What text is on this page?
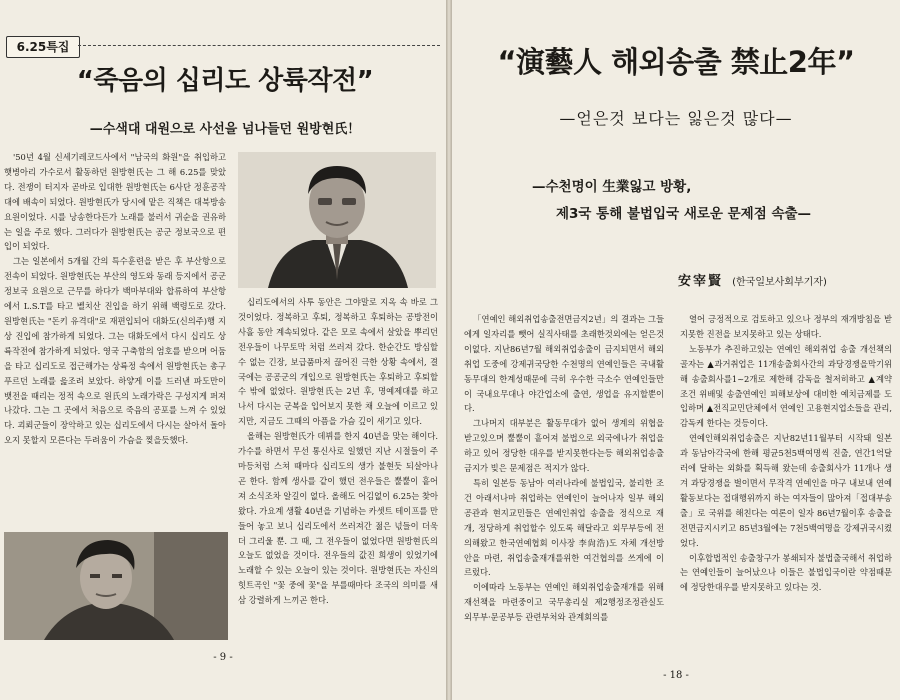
6.25특집
“죽음의 십리도 상륙작전”
—수색대 대원으로 사선을 넘나들던 원방현氏！

'50년 4월 신세기레코드사에서 "남국의 화원"을 취입하고 햇병아리 가수로서 활동하던 원방현氏는 그 해 6.25를 맞았다. 전쟁이 터지자 곧바로 입대한 원방현氏는 6사단 정훈공작대에 배속이 되었다. 원방현氏가 당시에 맡은 직책은 대북방송 요원이었다. 시를 낭송한다든가 노래를 불러서 귀순을 권유하는 일을 주로 했다. 그러다가 원방현氏는 공군 정보국으로 편입이 되었다.

그는 일본에서 5개월 간의 특수훈련을 받은 후 부산항으로 전속이 되었다. 원방현氏는 부산의 영도와 동래 등지에서 공군 정보국 요원으로 근무를 하다가 백마부대와 합류하여 부산항에서 L.S.T를 타고 벨치산 진입을 하기 위해 백령도로 갔다. 원방현氏는 "돈키 유격대"로 재편입되어 대화도(신의주)행 지상 진입에 참가하게 되었다. 그는 대화도에서 다시 십리도 상륙작전에 참가하게 되었다. 영국 구축함의 엄호를 받으며 어둠을 타고 십리도로 접근해가는 상륙정 속에서 원방현氏는 총구 푸르던 노래를 읊조려 보았다. 하얗게 이를 드러낸 파도만이 뱃전을 때리는 정적 속으로 원氏의 노래가락은 구성지게 퍼져나갔다. 그는 그 곳에서 처음으로 죽음의 공포를 느껴 수 있었다. 괴뢰군들이 장악하고 있는 십리도에서 다시는 살아서 돌아오지 못할지 모른다는 두려움이 가슴을 찢을듯했다.

십리도에서의 사투 동안은 그야말로 지옥 속 바로 그것이었다. 정복하고 후퇴, 정복하고 후퇴하는 공방전이 사흘 동안 계속되었다. 같은 모로 속에서 살았을 뿌리던 전우들이 나무토막 처럼 쓰러져 갔다. 한순간도 방심할 수 없는 긴장, 보급품마저 끊어진 극한 상황 속에서, 결국에는 공공군의 개입으로 원방현氏는 후퇴하고 후퇴할 수 밖에 없었다. 원방현氏는 2년 후, 명예제대를 하고 나서 다시는 군복을 입어보지 못한 채 오늘에 이르고 있지만, 지금도 그때의 아픔을 가슴 깊이 새기고 있다.

올해는 원방현氏가 데뷔를 한지 40년을 맞는 해이다. 가수를 하면서 무선 통신사로 일했던 지난 시절들이 주마등처럼 스쳐 때마다 십리도의 생가 불현듯 되살아나곤 한다. 함께 생사를 같이 했던 전우들은 뿔뿔이 흩어져 소식조차 알길이 없다. 올해도 어김없이 6.25는 찾아왔다. 가요계 생활 40년을 기념하는 카셋트 테이프를 만들어 놓고 보니 십리도에서 쓰러져간 젊은 넋들이 더욱 더 그리울 뿐. 그 때, 그 전우들이 없었다면 원방현氏의 오늘도 없었을 것이다. 전우들의 값진 희생이 있었기에 노래할 수 있는 오늘이 있는 것이다. 원방현氏는 자신의 힛트곡인 "꽃 중에 꽃"을 부를때마다 조국의 의미를 새삼 강렬하게 느끼곤 한다.

- 9 -
“演藝人 해외송출 禁止2年”
—얻은것 보다는 잃은것 많다—
—수천명이 生業잃고 방황,
제3국 통해 불법입국 새로운 문제점 속출—
安宰賢 (한국일보사회부기자)

「연예인 해외취업송출전면금지2년」의 결과는 그들에게 일자리를 뺏어 실직사태를 초래한것외에는 얻은것이없다. 지난86년7월 해외취업송출이 금지되면서 해외취업 도중에 강제귀국당한 수천명의 연예인들은 국내활동무대의 한계성때문에 극히 우수한 극소수 연예인들만이 국내요무대나 야간업소에 출연, 생업을 유지할뿐이다.

그나머지 대부분은 활동무대가 없어 생계의 위협을 받고있으며 뿔뿔이 흩어져 불법으로 외국에나가 취업을하고 있어 정당한 대우를 받지못한다는등 해외취업송출금지가 빚은 문제점은 적지가 않다.

특히 일본등 동남아 여러나라에 불법입국, 불리한 조건 아래서나마 취업하는 연예인이 늘어나자 일부 해외공관과 현지교민들은 연예인취업 송출을 정식으로 재개, 정당하게 취업할수 있도록 해달라고 외무부등에 전의해왔고 한국연예협회 이사장 李尙浩)도 자체 개선방안을 마련, 취업송출재개를위한 여건협의를 쓰게에 이르렀다.

이에따라 노동부는 연예인 해외취업송출재개를 위해 재선책을 마련중이고 국무총리실 제2행정조정관실도 외무부·문공부등 관련부처와 관계회의를

열어 긍정적으로 검토하고 있으나 정부의 재개방침을 받지못한 진전을 보지못하고 있는 상태다.

노동부가 추진하고있는 연예인 해외취업 송출 개선책의 골자는 ▲과거취업은 11개송출회사간의 과당경쟁을막기위해 송출회사를1~2개로 제한해 감독을 철저히하고 ▲계약조건 위배및 송출연예인 피해보상에 대비한 예치금제를 도입하며 ▲전직교민단체에서 연예인 고용현지업소들을 관리, 감독케 한다는 것등이다.

연예인해외취업송출은 지난82년11월부터 시작돼 일본과 동남아각국에 한해 평균5천5백여명씩 진출, 연간1억달러에 달하는 외화를 획득해 왔는데 송출회사가 11개나 생겨 과당경쟁을 벌이면서 무작격 연예인을 마구 내보내 연예활동보다는 접대행위까지 하는 여자들이 많아져「접대부송출」로 국위를 해친다는 여론이 일자 86년7월이후 송출을 전면금지시키고 85년3월에는 7천5백여명을 강제귀국시켰었다.

이후합법적인 송출창구가 봉쇄되자 불법출국해서 취업하는 연예인들이 늘어났으나 이들은 불법입국이란 약점때문에 정당한대우를 받지못하고 있다는 것.

- 18 -
